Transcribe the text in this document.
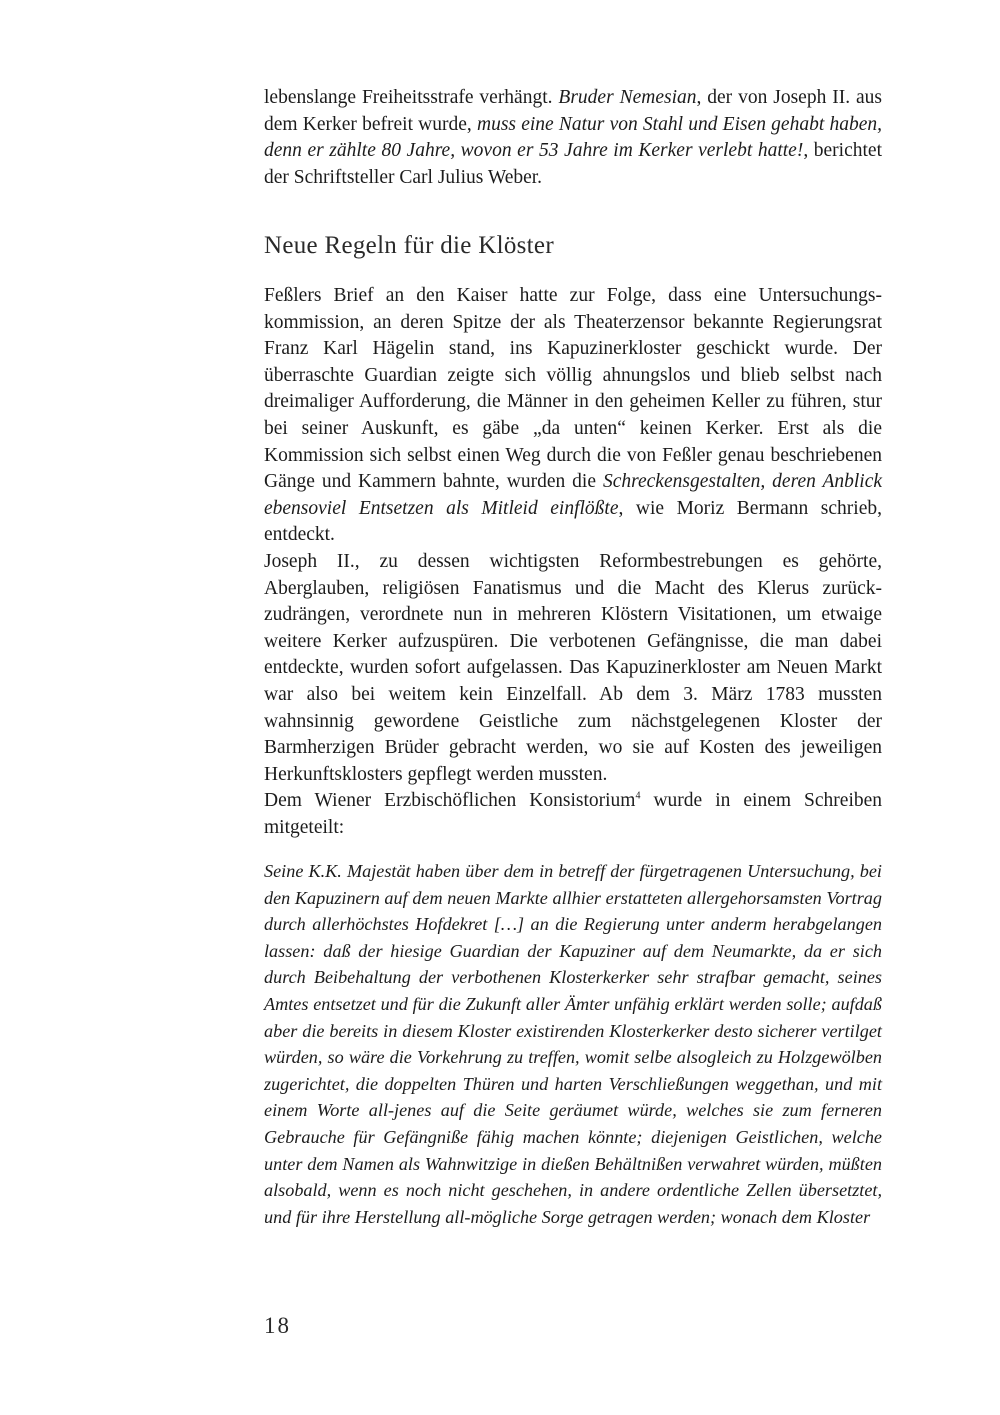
lebenslange Freiheitsstrafe verhängt. Bruder Nemesian, der von Joseph II. aus dem Kerker befreit wurde, muss eine Natur von Stahl und Eisen gehabt haben, denn er zählte 80 Jahre, wovon er 53 Jahre im Kerker verlebt hatte!, berichtet der Schriftsteller Carl Julius Weber.

Neue Regeln für die Klöster

Feßlers Brief an den Kaiser hatte zur Folge, dass eine Untersuchungskommission, an deren Spitze der als Theaterzensor bekannte Regierungsrat Franz Karl Hägelin stand, ins Kapuzinerkloster geschickt wurde. Der überraschte Guardian zeigte sich völlig ahnungslos und blieb selbst nach dreimaliger Aufforderung, die Männer in den geheimen Keller zu führen, stur bei seiner Auskunft, es gäbe „da unten“ keinen Kerker. Erst als die Kommission sich selbst einen Weg durch die von Feßler genau beschriebenen Gänge und Kammern bahnte, wurden die Schreckensgestalten, deren Anblick ebensoviel Entsetzen als Mitleid einflößte, wie Moriz Bermann schrieb, entdeckt.

Joseph II., zu dessen wichtigsten Reformbestrebungen es gehörte, Aberglauben, religiösen Fanatismus und die Macht des Klerus zurückzudrängen, verordnete nun in mehreren Klöstern Visitationen, um etwaige weitere Kerker aufzuspüren. Die verbotenen Gefängnisse, die man dabei entdeckte, wurden sofort aufgelassen. Das Kapuzinerkloster am Neuen Markt war also bei weitem kein Einzelfall. Ab dem 3. März 1783 mussten wahnsinnig gewordene Geistliche zum nächstgelegenen Kloster der Barmherzigen Brüder gebracht werden, wo sie auf Kosten des jeweiligen Herkunftsklosters gepflegt werden mussten.

Dem Wiener Erzbischöflichen Konsistorium$^4$ wurde in einem Schreiben mitgeteilt:

Seine K.K. Majestät haben über dem in betreff der fürgetragenen Untersuchung, bei den Kapuzinern auf dem neuen Markte allhier erstatteten allergehorsamsten Vortrag durch allerhöchstes Hofdekret […] an die Regierung unter anderm herabgelangen lassen: daß der hiesige Guardian der Kapuziner auf dem Neumarkte, da er sich durch Beibehaltung der verbothenen Klosterkerker sehr strafbar gemacht, seines Amtes entsetzet und für die Zukunft aller Ämter unfähig erklärt werden solle; aufdaß aber die bereits in diesem Kloster existirenden Klosterkerker desto sicherer vertilget würden, so wäre die Vorkehrung zu treffen, womit selbe alsogleich zu Holzgewölben zugerichtet, die doppelten Thüren und harten Verschließungen weggethan, und mit einem Worte all-jenes auf die Seite geräumet würde, welches sie zum ferneren Gebrauche für Gefängniße fähig machen könnte; diejenigen Geistlichen, welche unter dem Namen als Wahnwitzige in dießen Behältnißen verwahret würden, müßten alsobald, wenn es noch nicht geschehen, in andere ordentliche Zellen übersetztet, und für ihre Herstellung all-mögliche Sorge getragen werden; wonach dem Kloster

18
